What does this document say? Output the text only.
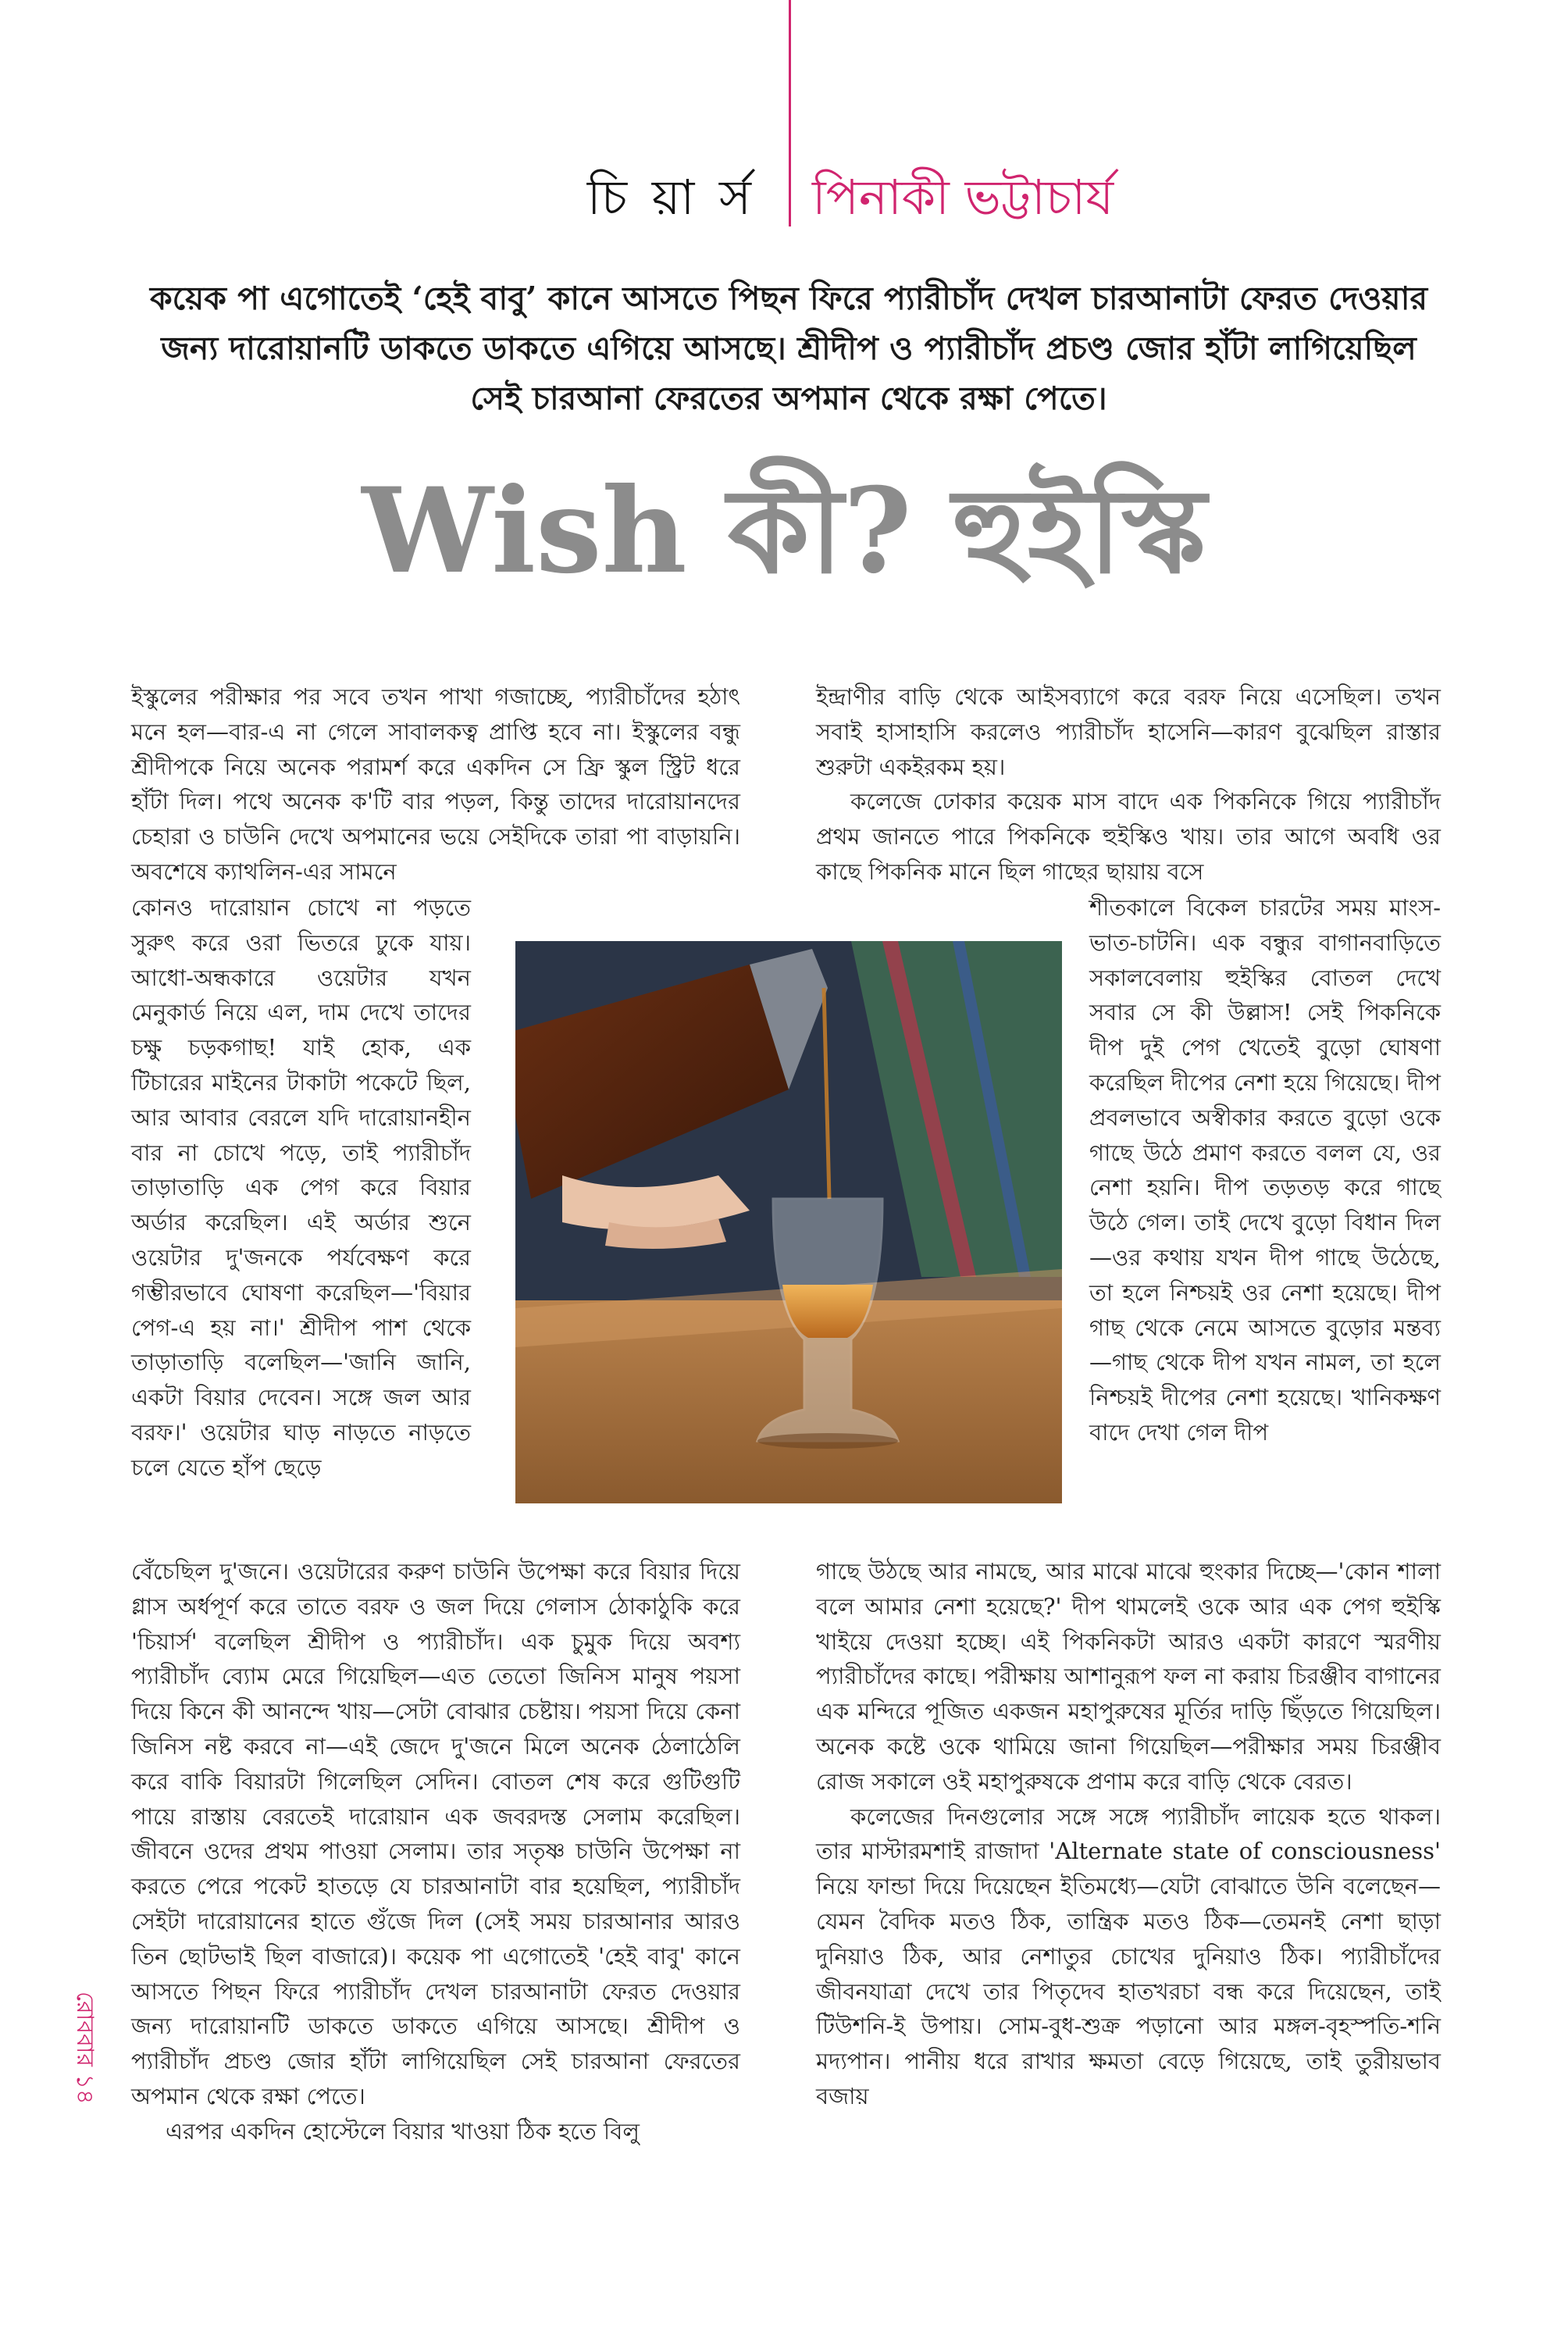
চি য়া র্স পিনাকী ভট্টাচার্য
কয়েক পা এগোতেই ‘হেই বাবু’ কানে আসতে পিছন ফিরে প্যারীচাঁদ দেখল চারআনাটা ফেরত দেওয়ার জন্য দারোয়ানটি ডাকতে ডাকতে এগিয়ে আসছে। শ্রীদীপ ও প্যারীচাঁদ প্রচণ্ড জোর হাঁটা লাগিয়েছিল সেই চারআনা ফেরতের অপমান থেকে রক্ষা পেতে।
Wish কী? হুইস্কি

ইস্কুলের পরীক্ষার পর সবে তখন পাখা গজাচ্ছে, প্যারীচাঁদের হঠাৎ মনে হল—বার-এ না গেলে সাবালকত্ব প্রাপ্তি হবে না। ইস্কুলের বন্ধু শ্রীদীপকে নিয়ে অনেক পরামর্শ করে একদিন সে ফ্রি স্কুল স্ট্রিট ধরে হাঁটা দিল। পথে অনেক ক'টি বার পড়ল, কিন্তু তাদের দারোয়ানদের চেহারা ও চাউনি দেখে অপমানের ভয়ে সেইদিকে তারা পা বাড়ায়নি। অবশেষে ক্যাথলিন-এর সামনে

কোনও দারোয়ান চোখে না পড়তে সুরুৎ করে ওরা ভিতরে ঢুকে যায়। আধো-অন্ধকারে ওয়েটার যখন মেনুকার্ড নিয়ে এল, দাম দেখে তাদের চক্ষু চড়কগাছ! যাই হোক, এক টিচারের মাইনের টাকাটা পকেটে ছিল, আর আবার বেরলে যদি দারোয়ানহীন বার না চোখে পড়ে, তাই প্যারীচাঁদ তাড়াতাড়ি এক পেগ করে বিয়ার অর্ডার করেছিল। এই অর্ডার শুনে ওয়েটার দু'জনকে পর্যবেক্ষণ করে গম্ভীরভাবে ঘোষণা করেছিল—'বিয়ার পেগ-এ হয় না।' শ্রীদীপ পাশ থেকে তাড়াতাড়ি বলেছিল—'জানি জানি, একটা বিয়ার দেবেন। সঙ্গে জল আর বরফ।' ওয়েটার ঘাড় নাড়তে নাড়তে চলে যেতে হাঁপ ছেড়ে

বেঁচেছিল দু'জনে। ওয়েটারের করুণ চাউনি উপেক্ষা করে বিয়ার দিয়ে গ্লাস অর্ধপূর্ণ করে তাতে বরফ ও জল দিয়ে গেলাস ঠোকাঠুকি করে 'চিয়ার্স' বলেছিল শ্রীদীপ ও প্যারীচাঁদ। এক চুমুক দিয়ে অবশ্য প্যারীচাঁদ ব্যোম মেরে গিয়েছিল—এত তেতো জিনিস মানুষ পয়সা দিয়ে কিনে কী আনন্দে খায়—সেটা বোঝার চেষ্টায়। পয়সা দিয়ে কেনা জিনিস নষ্ট করবে না—এই জেদে দু'জনে মিলে অনেক ঠেলাঠেলি করে বাকি বিয়ারটা গিলেছিল সেদিন। বোতল শেষ করে গুটিগুটি পায়ে রাস্তায় বেরতেই দারোয়ান এক জবরদস্ত সেলাম করেছিল। জীবনে ওদের প্রথম পাওয়া সেলাম। তার সতৃষ্ণ চাউনি উপেক্ষা না করতে পেরে পকেট হাতড়ে যে চারআনাটা বার হয়েছিল, প্যারীচাঁদ সেইটা দারোয়ানের হাতে গুঁজে দিল (সেই সময় চারআনার আরও তিন ছোটভাই ছিল বাজারে)। কয়েক পা এগোতেই 'হেই বাবু' কানে আসতে পিছন ফিরে প্যারীচাঁদ দেখল চারআনাটা ফেরত দেওয়ার জন্য দারোয়ানটি ডাকতে ডাকতে এগিয়ে আসছে। শ্রীদীপ ও প্যারীচাঁদ প্রচণ্ড জোর হাঁটা লাগিয়েছিল সেই চারআনা ফেরতের অপমান থেকে রক্ষা পেতে।

এরপর একদিন হোস্টেলে বিয়ার খাওয়া ঠিক হতে বিলু

ইন্দ্রাণীর বাড়ি থেকে আইসব্যাগে করে বরফ নিয়ে এসেছিল। তখন সবাই হাসাহাসি করলেও প্যারীচাঁদ হাসেনি—কারণ বুঝেছিল রাস্তার শুরুটা একইরকম হয়।

কলেজে ঢোকার কয়েক মাস বাদে এক পিকনিকে গিয়ে প্যারীচাঁদ প্রথম জানতে পারে পিকনিকে হুইস্কিও খায়। তার আগে অবধি ওর কাছে পিকনিক মানে ছিল গাছের ছায়ায় বসে

শীতকালে বিকেল চারটের সময় মাংস-ভাত-চাটনি। এক বন্ধুর বাগানবাড়িতে সকালবেলায় হুইস্কির বোতল দেখে সবার সে কী উল্লাস! সেই পিকনিকে দীপ দুই পেগ খেতেই বুড়ো ঘোষণা করেছিল দীপের নেশা হয়ে গিয়েছে। দীপ প্রবলভাবে অস্বীকার করতে বুড়ো ওকে গাছে উঠে প্রমাণ করতে বলল যে, ওর নেশা হয়নি। দীপ তড়তড় করে গাছে উঠে গেল। তাই দেখে বুড়ো বিধান দিল—ওর কথায় যখন দীপ গাছে উঠেছে, তা হলে নিশ্চয়ই ওর নেশা হয়েছে। দীপ গাছ থেকে নেমে আসতে বুড়োর মন্তব্য—গাছ থেকে দীপ যখন নামল, তা হলে নিশ্চয়ই দীপের নেশা হয়েছে। খানিকক্ষণ বাদে দেখা গেল দীপ

গাছে উঠছে আর নামছে, আর মাঝে মাঝে হুংকার দিচ্ছে—'কোন শালা বলে আমার নেশা হয়েছে?' দীপ থামলেই ওকে আর এক পেগ হুইস্কি খাইয়ে দেওয়া হচ্ছে। এই পিকনিকটা আরও একটা কারণে স্মরণীয় প্যারীচাঁদের কাছে। পরীক্ষায় আশানুরূপ ফল না করায় চিরঞ্জীব বাগানের এক মন্দিরে পূজিত একজন মহাপুরুষের মূর্তির দাড়ি ছিঁড়তে গিয়েছিল। অনেক কষ্টে ওকে থামিয়ে জানা গিয়েছিল—পরীক্ষার সময় চিরঞ্জীব রোজ সকালে ওই মহাপুরুষকে প্রণাম করে বাড়ি থেকে বেরত।

কলেজের দিনগুলোর সঙ্গে সঙ্গে প্যারীচাঁদ লায়েক হতে থাকল। তার মাস্টারমশাই রাজাদা 'Alternate state of consciousness' নিয়ে ফান্ডা দিয়ে দিয়েছেন ইতিমধ্যে—যেটা বোঝাতে উনি বলেছেন—যেমন বৈদিক মতও ঠিক, তান্ত্রিক মতও ঠিক—তেমনই নেশা ছাড়া দুনিয়াও ঠিক, আর নেশাতুর চোখের দুনিয়াও ঠিক। প্যারীচাঁদের জীবনযাত্রা দেখে তার পিতৃদেব হাতখরচা বন্ধ করে দিয়েছেন, তাই টিউশনি-ই উপায়। সোম-বুধ-শুক্র পড়ানো আর মঙ্গল-বৃহস্পতি-শনি মদ্যপান। পানীয় ধরে রাখার ক্ষমতা বেড়ে গিয়েছে, তাই তুরীয়ভাব বজায়

রোববার ১৪
